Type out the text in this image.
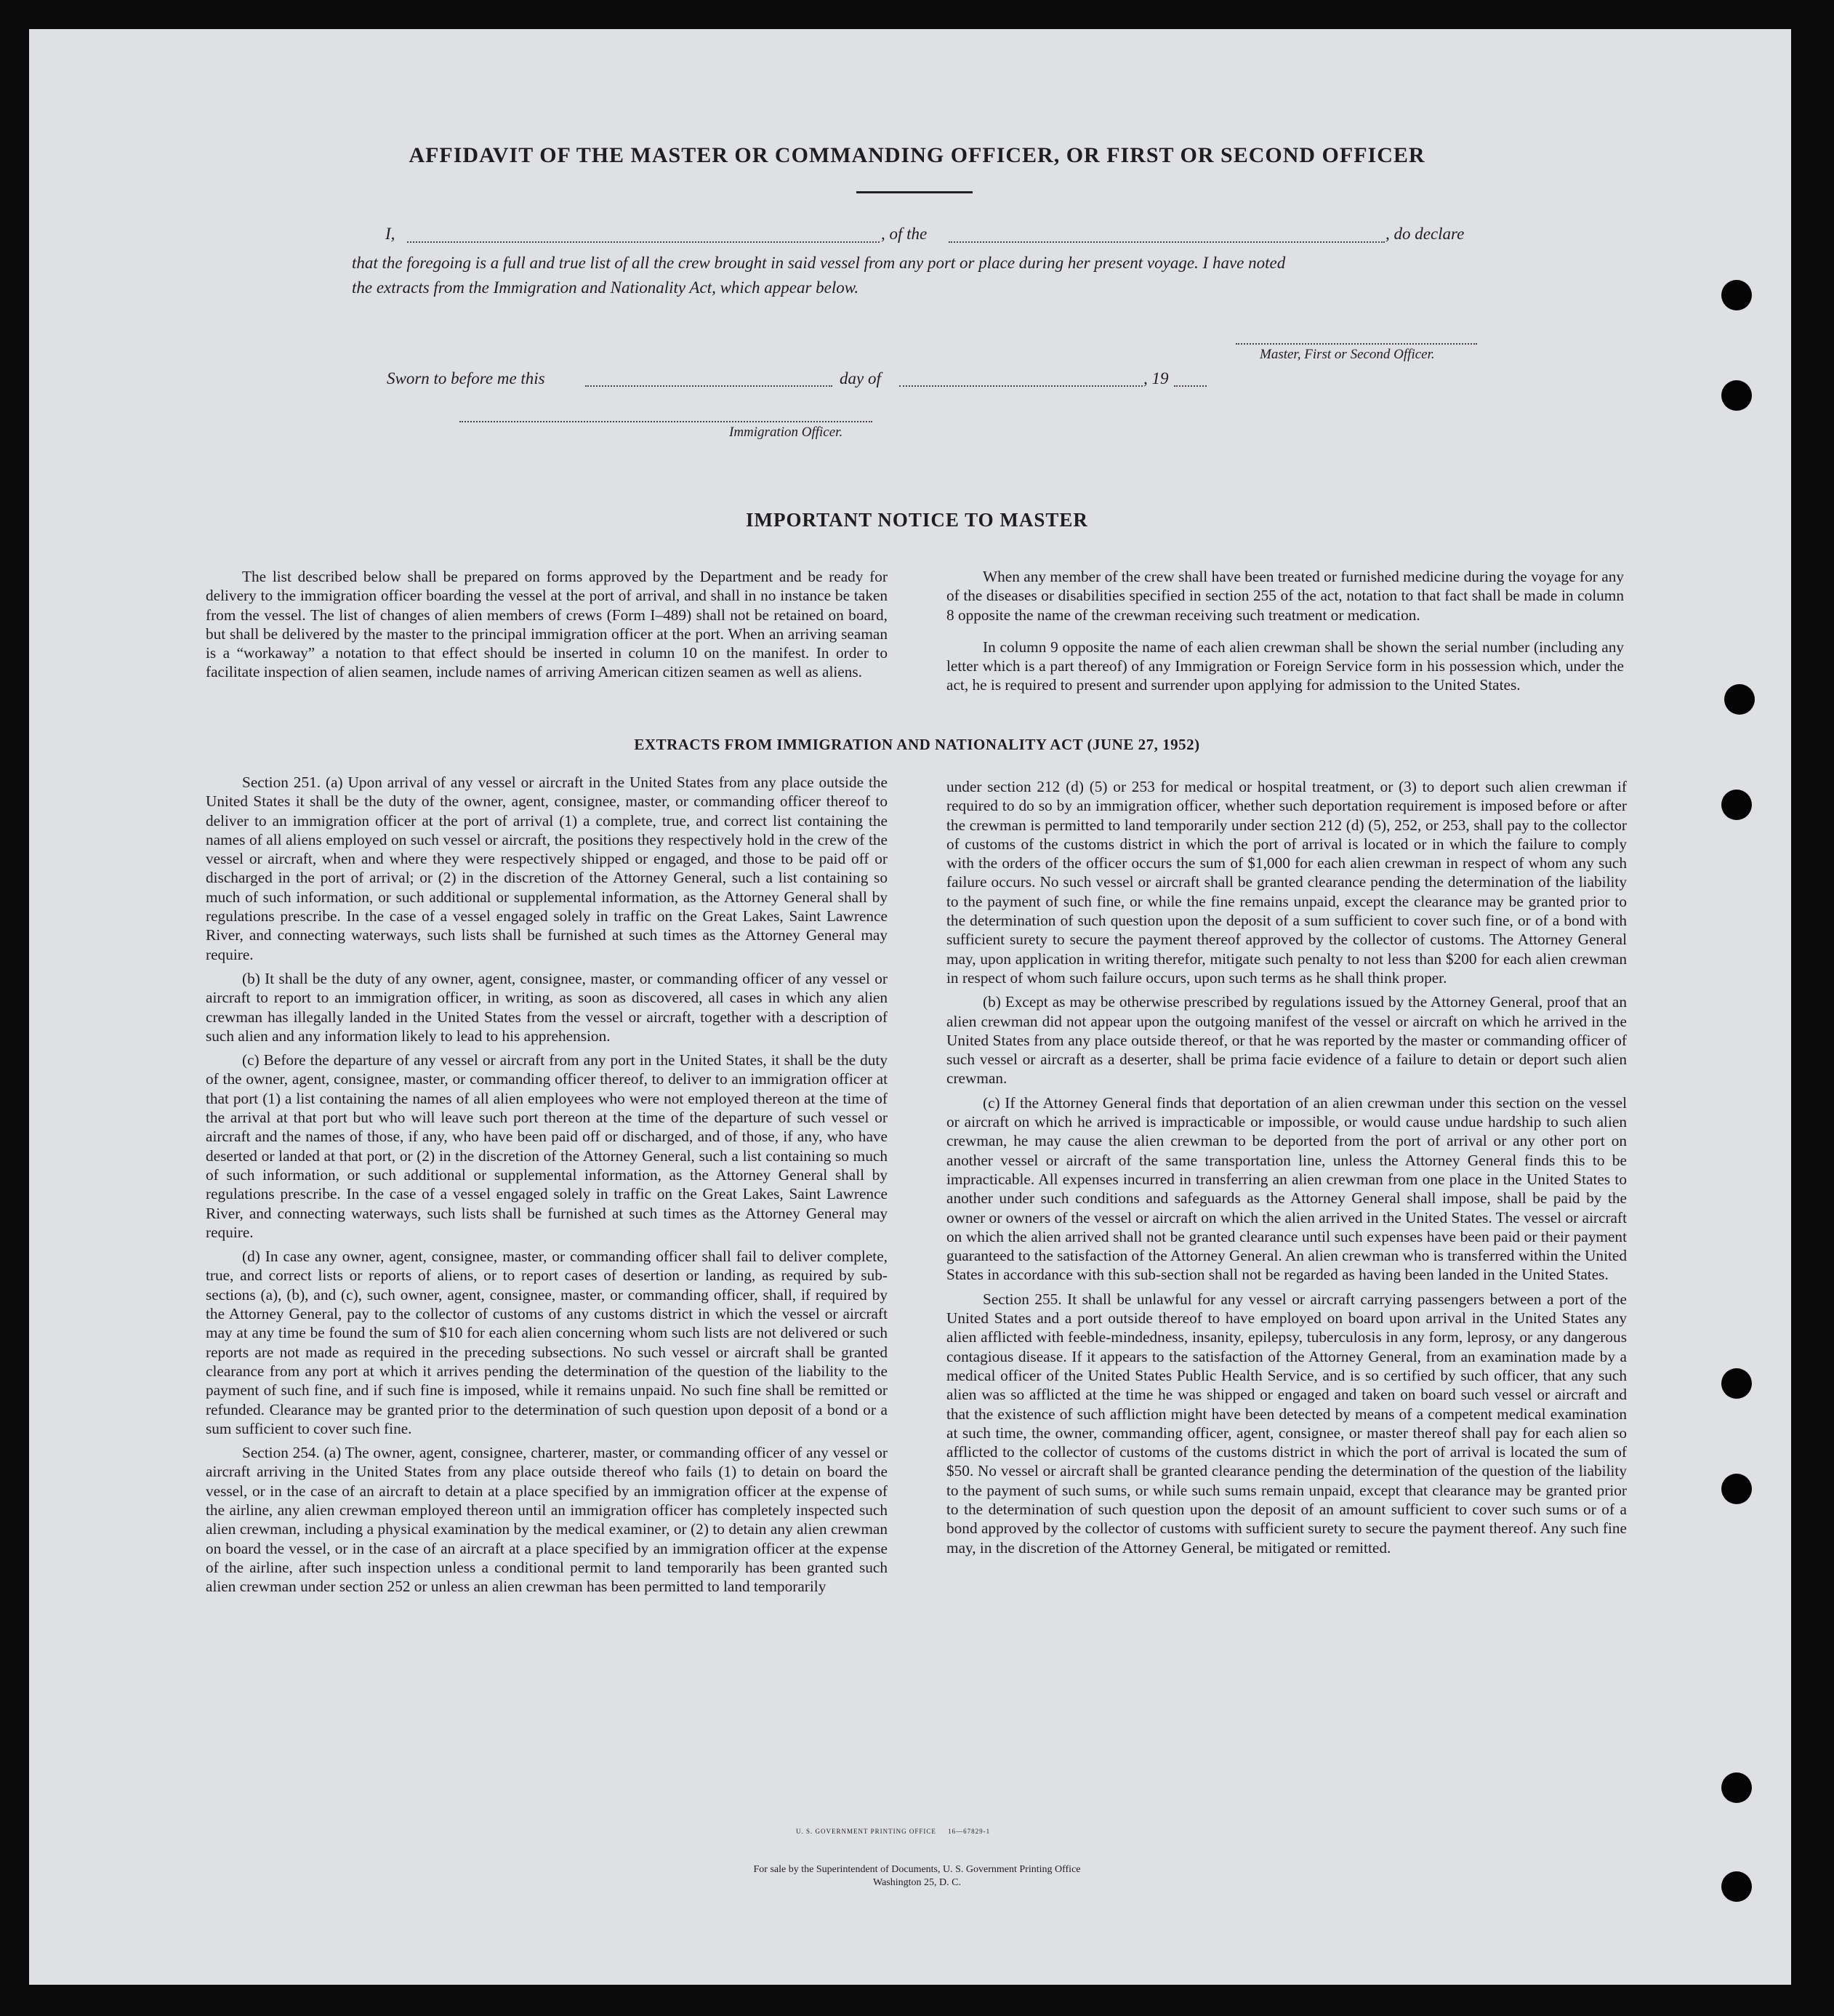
AFFIDAVIT OF THE MASTER OR COMMANDING OFFICER, OR FIRST OR SECOND OFFICER
I,	, of the	, do declare
that the foregoing is a full and true list of all the crew brought in said vessel from any port or place during her present voyage. I have noted
the extracts from the Immigration and Nationality Act, which appear below.
Master, First or Second Officer.
Sworn to before me this	day of	, 19
Immigration Officer.
IMPORTANT NOTICE TO MASTER

The list described below shall be prepared on forms approved by the Department and be ready for delivery to the immigration officer boarding the vessel at the port of arrival, and shall in no instance be taken from the vessel. The list of changes of alien members of crews (Form I–489) shall not be retained on board, but shall be delivered by the master to the principal immigration officer at the port. When an arriving seaman is a “workaway” a notation to that effect should be inserted in column 10 on the manifest. In order to facilitate inspection of alien seamen, include names of arriving American citizen seamen as well as aliens.

When any member of the crew shall have been treated or furnished medicine during the voyage for any of the diseases or disabilities specified in section 255 of the act, notation to that fact shall be made in column 8 opposite the name of the crewman receiving such treatment or medication.

In column 9 opposite the name of each alien crewman shall be shown the serial number (including any letter which is a part thereof) of any Immigration or Foreign Service form in his possession which, under the act, he is required to present and surrender upon applying for admission to the United States.

EXTRACTS FROM IMMIGRATION AND NATIONALITY ACT (JUNE 27, 1952)

Section 251. (a) Upon arrival of any vessel or aircraft in the United States from any place outside the United States it shall be the duty of the owner, agent, consignee, master, or commanding officer thereof to deliver to an immigration officer at the port of arrival (1) a complete, true, and correct list containing the names of all aliens employed on such vessel or aircraft, the positions they respectively hold in the crew of the vessel or aircraft, when and where they were respectively shipped or engaged, and those to be paid off or discharged in the port of arrival; or (2) in the discretion of the Attorney General, such a list containing so much of such information, or such additional or supplemental information, as the Attorney General shall by regulations prescribe. In the case of a vessel engaged solely in traffic on the Great Lakes, Saint Lawrence River, and connecting waterways, such lists shall be furnished at such times as the Attorney General may require.

(b) It shall be the duty of any owner, agent, consignee, master, or commanding officer of any vessel or aircraft to report to an immigration officer, in writing, as soon as discovered, all cases in which any alien crewman has illegally landed in the United States from the vessel or aircraft, together with a description of such alien and any information likely to lead to his apprehension.

(c) Before the departure of any vessel or aircraft from any port in the United States, it shall be the duty of the owner, agent, consignee, master, or commanding officer thereof, to deliver to an immigration officer at that port (1) a list containing the names of all alien employees who were not employed thereon at the time of the arrival at that port but who will leave such port thereon at the time of the departure of such vessel or aircraft and the names of those, if any, who have been paid off or discharged, and of those, if any, who have deserted or landed at that port, or (2) in the discretion of the Attorney General, such a list containing so much of such information, or such additional or supplemental information, as the Attorney General shall by regulations prescribe. In the case of a vessel engaged solely in traffic on the Great Lakes, Saint Lawrence River, and connecting waterways, such lists shall be furnished at such times as the Attorney General may require.

(d) In case any owner, agent, consignee, master, or commanding officer shall fail to deliver complete, true, and correct lists or reports of aliens, or to report cases of desertion or landing, as required by sub-sections (a), (b), and (c), such owner, agent, consignee, master, or commanding officer, shall, if required by the Attorney General, pay to the collector of customs of any customs district in which the vessel or aircraft may at any time be found the sum of $10 for each alien concerning whom such lists are not delivered or such reports are not made as required in the preceding subsections. No such vessel or aircraft shall be granted clearance from any port at which it arrives pending the determination of the question of the liability to the payment of such fine, and if such fine is imposed, while it remains unpaid. No such fine shall be remitted or refunded. Clearance may be granted prior to the determination of such question upon deposit of a bond or a sum sufficient to cover such fine.

Section 254. (a) The owner, agent, consignee, charterer, master, or commanding officer of any vessel or aircraft arriving in the United States from any place outside thereof who fails (1) to detain on board the vessel, or in the case of an aircraft to detain at a place specified by an immigration officer at the expense of the airline, any alien crewman employed thereon until an immigration officer has completely inspected such alien crewman, including a physical examination by the medical examiner, or (2) to detain any alien crewman on board the vessel, or in the case of an aircraft at a place specified by an immigration officer at the expense of the airline, after such inspection unless a conditional permit to land temporarily has been granted such alien crewman under section 252 or unless an alien crewman has been permitted to land temporarily

under section 212 (d) (5) or 253 for medical or hospital treatment, or (3) to deport such alien crewman if required to do so by an immigration officer, whether such deportation requirement is imposed before or after the crewman is permitted to land temporarily under section 212 (d) (5), 252, or 253, shall pay to the collector of customs of the customs district in which the port of arrival is located or in which the failure to comply with the orders of the officer occurs the sum of $1,000 for each alien crewman in respect of whom any such failure occurs. No such vessel or aircraft shall be granted clearance pending the determination of the liability to the payment of such fine, or while the fine remains unpaid, except the clearance may be granted prior to the determination of such question upon the deposit of a sum sufficient to cover such fine, or of a bond with sufficient surety to secure the payment thereof approved by the collector of customs. The Attorney General may, upon application in writing therefor, mitigate such penalty to not less than $200 for each alien crewman in respect of whom such failure occurs, upon such terms as he shall think proper.

(b) Except as may be otherwise prescribed by regulations issued by the Attorney General, proof that an alien crewman did not appear upon the outgoing manifest of the vessel or aircraft on which he arrived in the United States from any place outside thereof, or that he was reported by the master or commanding officer of such vessel or aircraft as a deserter, shall be prima facie evidence of a failure to detain or deport such alien crewman.

(c) If the Attorney General finds that deportation of an alien crewman under this section on the vessel or aircraft on which he arrived is impracticable or impossible, or would cause undue hardship to such alien crewman, he may cause the alien crewman to be deported from the port of arrival or any other port on another vessel or aircraft of the same transportation line, unless the Attorney General finds this to be impracticable. All expenses incurred in transferring an alien crewman from one place in the United States to another under such conditions and safeguards as the Attorney General shall impose, shall be paid by the owner or owners of the vessel or aircraft on which the alien arrived in the United States. The vessel or aircraft on which the alien arrived shall not be granted clearance until such expenses have been paid or their payment guaranteed to the satisfaction of the Attorney General. An alien crewman who is transferred within the United States in accordance with this sub-section shall not be regarded as having been landed in the United States.

Section 255. It shall be unlawful for any vessel or aircraft carrying passengers between a port of the United States and a port outside thereof to have employed on board upon arrival in the United States any alien afflicted with feeble-mindedness, insanity, epilepsy, tuberculosis in any form, leprosy, or any dangerous contagious disease. If it appears to the satisfaction of the Attorney General, from an examination made by a medical officer of the United States Public Health Service, and is so certified by such officer, that any such alien was so afflicted at the time he was shipped or engaged and taken on board such vessel or aircraft and that the existence of such affliction might have been detected by means of a competent medical examination at such time, the owner, commanding officer, agent, consignee, or master thereof shall pay for each alien so afflicted to the collector of customs of the customs district in which the port of arrival is located the sum of $50. No vessel or aircraft shall be granted clearance pending the determination of the question of the liability to the payment of such sums, or while such sums remain unpaid, except that clearance may be granted prior to the determination of such question upon the deposit of an amount sufficient to cover such sums or of a bond approved by the collector of customs with sufficient surety to secure the payment thereof. Any such fine may, in the discretion of the Attorney General, be mitigated or remitted.

U. S. GOVERNMENT PRINTING OFFICE     16—67829-1
For sale by the Superintendent of Documents, U. S. Government Printing Office
Washington 25, D. C.
